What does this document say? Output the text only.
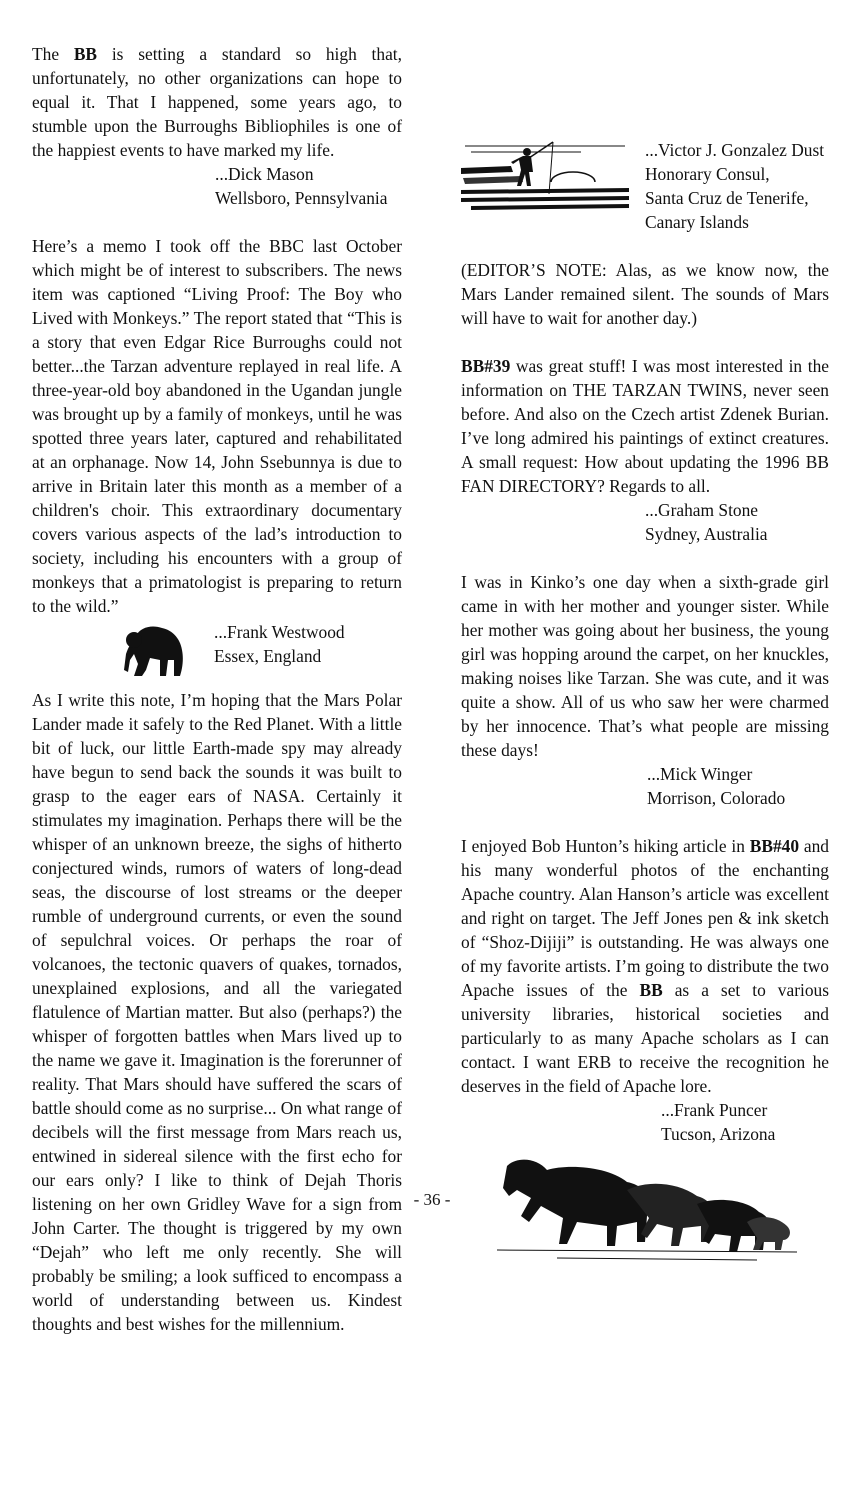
The BB is setting a standard so high that, unfortunately, no other organizations can hope to equal it. That I happened, some years ago, to stumble upon the Burroughs Bibliophiles is one of the happiest events to have marked my life.

...Dick Mason
Wellsboro, Pennsylvania

Here’s a memo I took off the BBC last October which might be of interest to subscribers. The news item was captioned “Living Proof: The Boy who Lived with Monkeys.” The report stated that “This is a story that even Edgar Rice Burroughs could not better...the Tarzan adventure replayed in real life. A three-year-old boy abandoned in the Ugandan jungle was brought up by a family of monkeys, until he was spotted three years later, captured and rehabilitated at an orphanage. Now 14, John Ssebunnya is due to arrive in Britain later this month as a member of a children's choir. This extraordinary documentary covers various aspects of the lad’s introduction to society, including his encounters with a group of monkeys that a primatologist is preparing to return to the wild.”

...Frank Westwood
Essex, England

As I write this note, I’m hoping that the Mars Polar Lander made it safely to the Red Planet. With a little bit of luck, our little Earth-made spy may already have begun to send back the sounds it was built to grasp to the eager ears of NASA. Certainly it stimulates my imagination. Perhaps there will be the whisper of an unknown breeze, the sighs of hitherto conjectured winds, rumors of waters of long-dead seas, the discourse of lost streams or the deeper rumble of underground currents, or even the sound of sepulchral voices. Or perhaps the roar of volcanoes, the tectonic quavers of quakes, tornados, unexplained explosions, and all the variegated flatulence of Martian matter. But also (perhaps?) the whisper of forgotten battles when Mars lived up to the name we gave it. Imagination is the forerunner of reality. That Mars should have suffered the scars of battle should come as no surprise... On what range of decibels will the first message from Mars reach us, entwined in sidereal silence with the first echo for our ears only? I like to think of Dejah Thoris listening on her own Gridley Wave for a sign from John Carter. The thought is triggered by my own “Dejah” who left me only recently. She will probably be smiling; a look sufficed to encompass a world of understanding between us. Kindest thoughts and best wishes for the millennium.

...Victor J. Gonzalez Dust
Honorary Consul,
Santa Cruz de Tenerife,
Canary Islands

(EDITOR’S NOTE: Alas, as we know now, the Mars Lander remained silent. The sounds of Mars will have to wait for another day.)

BB#39 was great stuff! I was most interested in the information on THE TARZAN TWINS, never seen before. And also on the Czech artist Zdenek Burian. I’ve long admired his paintings of extinct creatures. A small request: How about updating the 1996 BB FAN DIRECTORY? Regards to all.

...Graham Stone
Sydney, Australia

I was in Kinko’s one day when a sixth-grade girl came in with her mother and younger sister. While her mother was going about her business, the young girl was hopping around the carpet, on her knuckles, making noises like Tarzan. She was cute, and it was quite a show. All of us who saw her were charmed by her innocence. That’s what people are missing these days!

...Mick Winger
Morrison, Colorado

I enjoyed Bob Hunton’s hiking article in BB#40 and his many wonderful photos of the enchanting Apache country. Alan Hanson’s article was excellent and right on target. The Jeff Jones pen & ink sketch of “Shoz-Dijiji” is outstanding. He was always one of my favorite artists. I’m going to distribute the two Apache issues of the BB as a set to various university libraries, historical societies and particularly to as many Apache scholars as I can contact. I want ERB to receive the recognition he deserves in the field of Apache lore.

...Frank Puncer
Tucson, Arizona
- 36 -
